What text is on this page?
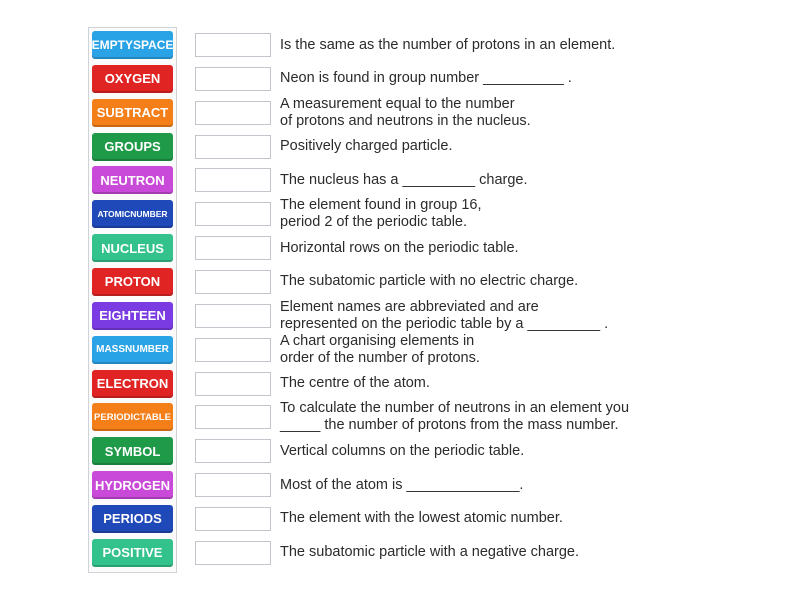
EMPTYSPACE
OXYGEN
SUBTRACT
GROUPS
NEUTRON
ATOMICNUMBER
NUCLEUS
PROTON
EIGHTEEN
MASSNUMBER
ELECTRON
PERIODICTABLE
SYMBOL
HYDROGEN
PERIODS
POSITIVE
Is the same as the number of protons in an element.
Neon is found in group number __________ .
A measurement equal to the number
of protons and neutrons in the nucleus.
Positively charged particle.
The nucleus has a _________ charge.
The element found in group 16,
period 2 of the periodic table.
Horizontal rows on the periodic table.
The subatomic particle with no electric charge.
Element names are abbreviated and are
represented on the periodic table by a _________ .
A chart organising elements in
order of the number of protons.
The centre of the atom.
To calculate the number of neutrons in an element you
_____ the number of protons from the mass number.
Vertical columns on the periodic table.
Most of the atom is ______________.
The element with the lowest atomic number.
The subatomic particle with a negative charge.
